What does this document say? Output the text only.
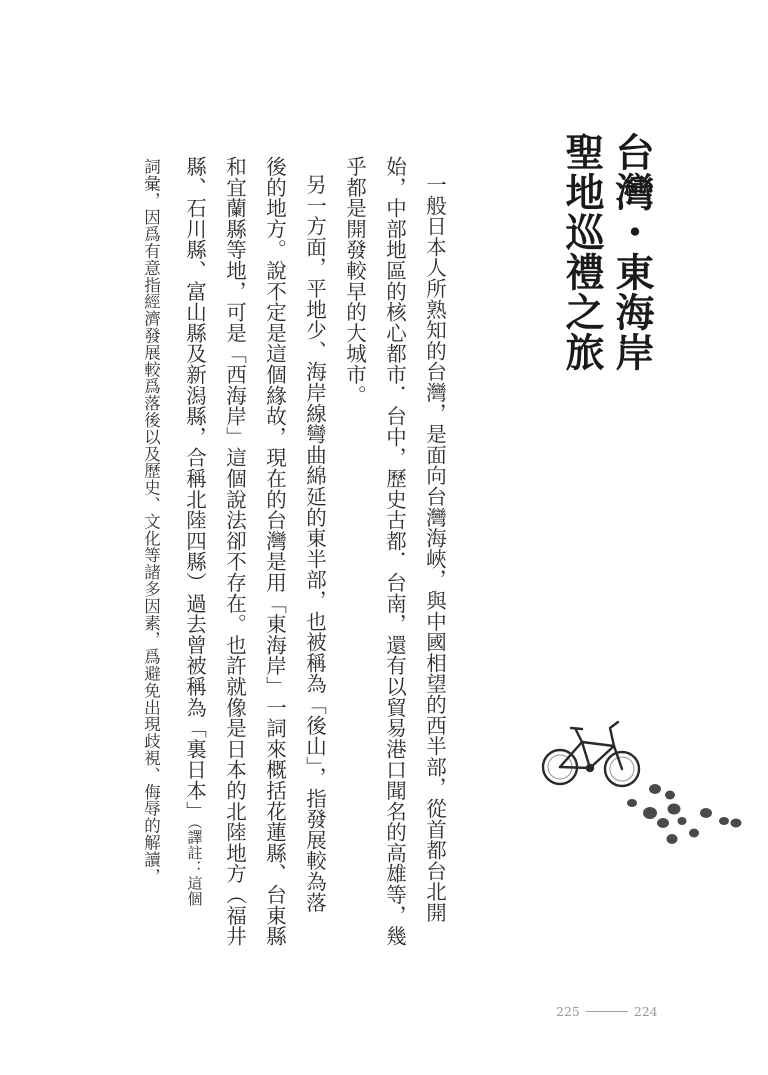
台灣・東海岸
聖地巡禮之旅
一般日本人所熟知的台灣，是面向台灣海峽，與中國相望的西半部，從首都台北開
始，中部地區的核心都市．台中，歷史古都．台南，還有以貿易港口聞名的高雄等，幾
乎都是開發較早的大城市。
另一方面，平地少、海岸線彎曲綿延的東半部，也被稱為「後山」，指發展較為落
後的地方。說不定是這個緣故，現在的台灣是用「東海岸」一詞來概括花蓮縣、台東縣
和宜蘭縣等地，可是「西海岸」這個說法卻不存在。也許就像是日本的北陸地方（福井
縣、石川縣、富山縣及新潟縣，合稱北陸四縣）過去曾被稱為「裏日本」（譯註：這個
詞彙，因爲有意指經濟發展較爲落後以及歷史、文化等諸多因素，爲避免出現歧視、侮辱的解讀，
225	224
